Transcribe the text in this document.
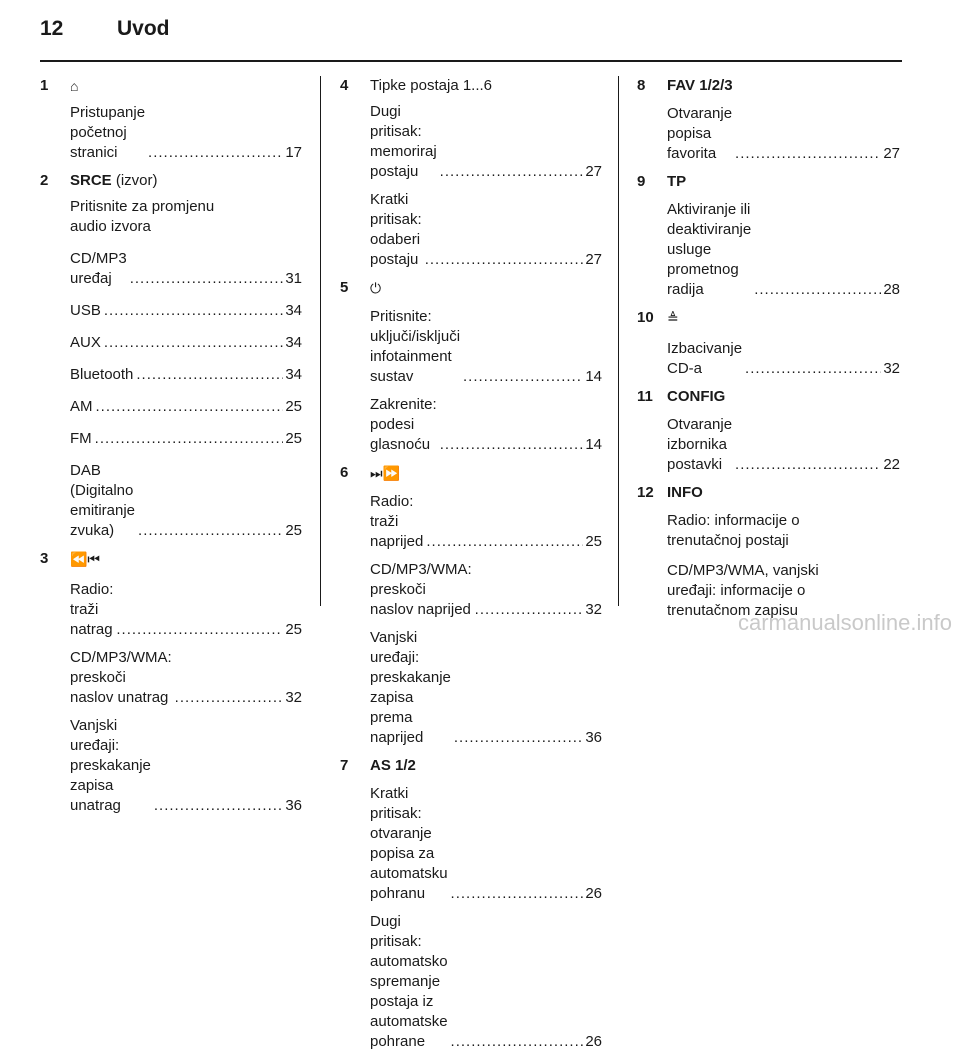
12	Uvod
1 ⌂
Pristupanje početnoj
stranici .....	17
2 SRCE (izvor)
Pritisnite za promjenu
audio izvora
CD/MP3 uređaj .....	31
USB .....	34
AUX .....	34
Bluetooth .....	34
AM .....	25
FM .....	25
DAB (Digitalno emitiranje
zvuka) .....	25
3 ⏪⏮
Radio: traži natrag .....	25
CD/MP3/WMA: preskoči
naslov unatrag .....	32
Vanjski uređaji:
preskakanje zapisa unatrag .....	36
4 Tipke postaja 1...6
Dugi pritisak: memoriraj
postaju .....	27
Kratki pritisak: odaberi
postaju .....	27
5 ⏻
Pritisnite: uključi/isključi
infotainment sustav .....	14
Zakrenite: podesi glasnoću .....	14
6 ⏭⏩
Radio: traži naprijed .....	25
CD/MP3/WMA: preskoči
naslov naprijed .....	32
Vanjski uređaji:
preskakanje zapisa prema
naprijed .....	36
7 AS 1/2
Kratki pritisak: otvaranje
popisa za automatsku
pohranu .....	26
Dugi pritisak: automatsko
spremanje postaja iz
automatske pohrane .....	26
8 FAV 1/2/3
Otvaranje popisa favorita .....	27
9 TP
Aktiviranje ili deaktiviranje
usluge prometnog radija .....	28
10 ≜
Izbacivanje CD-a .....	32
11 CONFIG
Otvaranje izbornika
postavki .....	22
12 INFO
Radio: informacije o
trenutačnoj postaji
CD/MP3/WMA, vanjski
uređaji: informacije o
trenutačnom zapisu
carmanualsonline.info
